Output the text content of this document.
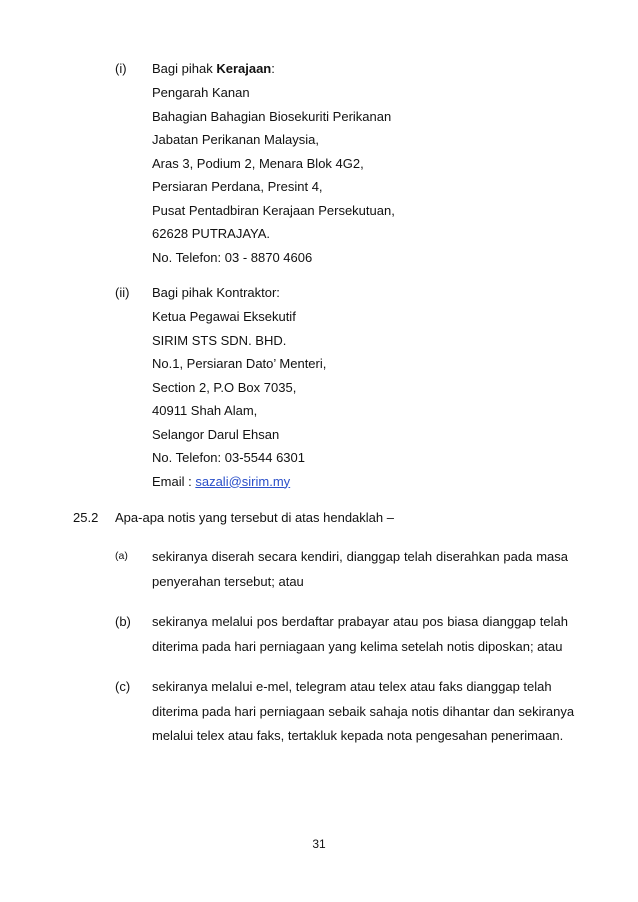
(i) Bagi pihak Kerajaan:
Pengarah Kanan
Bahagian Bahagian Biosekuriti Perikanan
Jabatan Perikanan Malaysia,
Aras 3, Podium 2, Menara Blok 4G2,
Persiaran Perdana, Presint 4,
Pusat Pentadbiran Kerajaan Persekutuan,
62628 PUTRAJAYA.
No. Telefon: 03 - 8870 4606
(ii) Bagi pihak Kontraktor:
Ketua Pegawai Eksekutif
SIRIM STS SDN. BHD.
No.1, Persiaran Dato’ Menteri,
Section 2, P.O Box 7035,
40911 Shah Alam,
Selangor Darul Ehsan
No. Telefon: 03-5544 6301
Email : sazali@sirim.my
25.2 Apa-apa notis yang tersebut di atas hendaklah –
(a) sekiranya diserah secara kendiri, dianggap telah diserahkan pada masa
penyerahan tersebut; atau
(b) sekiranya melalui pos berdaftar prabayar atau pos biasa dianggap telah
diterima pada hari perniagaan yang kelima setelah notis diposkan; atau
(c) sekiranya melalui e-mel, telegram atau telex atau faks dianggap telah
diterima pada hari perniagaan sebaik sahaja notis dihantar dan sekiranya
melalui telex atau faks, tertakluk kepada nota pengesahan penerimaan.
31
